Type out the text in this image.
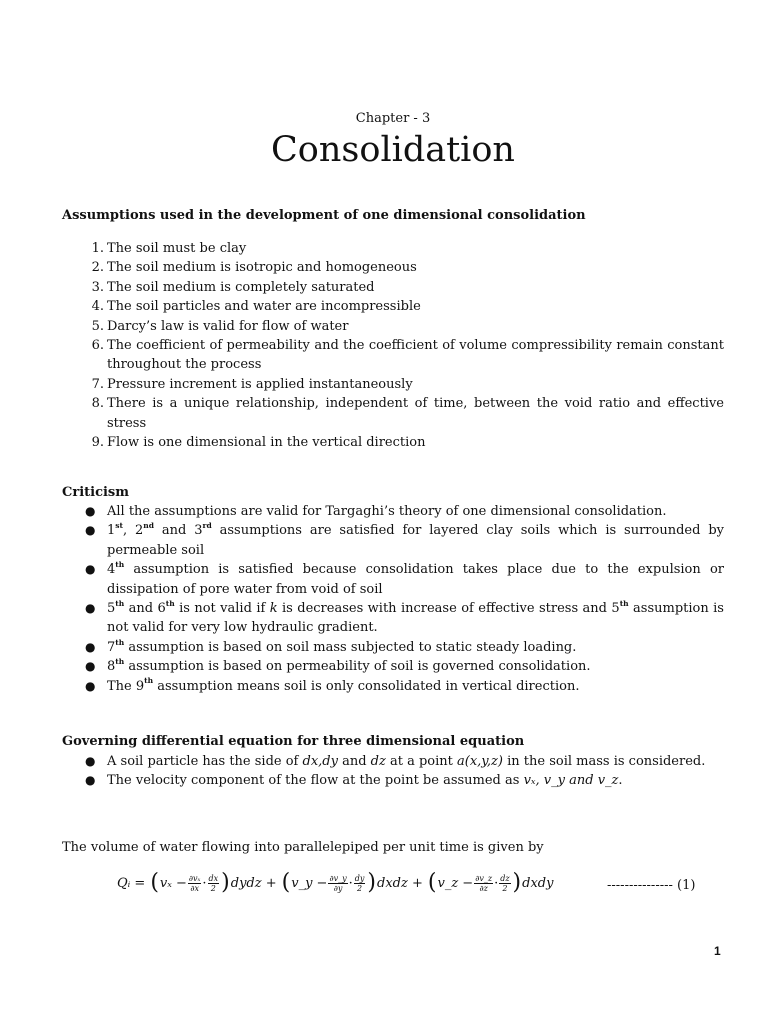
Chapter - 3
Consolidation
Assumptions used in the development of one dimensional consolidation
1. The soil must be clay
2. The soil medium is isotropic and homogeneous
3. The soil medium is completely saturated
4. The soil particles and water are incompressible
5. Darcy’s law is valid for flow of water
6. The coefficient of permeability and the coefficient of volume compressibility remain constant throughout the process
7. Pressure increment is applied instantaneously
8. There is a unique relationship, independent of time, between the void ratio and effective stress
9. Flow is one dimensional in the vertical direction
Criticism
● All the assumptions are valid for Targaghi’s theory of one dimensional consolidation.
● 1st, 2nd and 3rd assumptions are satisfied for layered clay soils which is surrounded by permeable soil
● 4th assumption is satisfied because consolidation takes place due to the expulsion or dissipation of pore water from void of soil
● 5th and 6th is not valid if k is decreases with increase of effective stress and 5th assumption is not valid for very low hydraulic gradient.
● 7th assumption is based on soil mass subjected to static steady loading.
● 8th assumption is based on permeability of soil is governed consolidation.
● The 9th assumption means soil is only consolidated in vertical direction.
Governing differential equation for three dimensional equation
● A soil particle has the side of dx,dy and dz at a point a(x,y,z) in the soil mass is considered.
● The velocity component of the flow at the point be assumed as vₓ, v_y and v_z.
The volume of water flowing into parallelepiped per unit time is given by
Qᵢ = ( $v_x - \frac{\text{∂vₓ}}{\partial x} \cdot \frac{dx}{2}$ ) dydz + ( v_y − $\frac{\partial v\_y}{\partial y} \cdot \frac{dy}{2}$ ) dxdz + ( v_z − $\frac{\partial v\_z}{\partial z} \cdot \frac{dz}{2}$ ) dxdy	--------------- (1)
1
